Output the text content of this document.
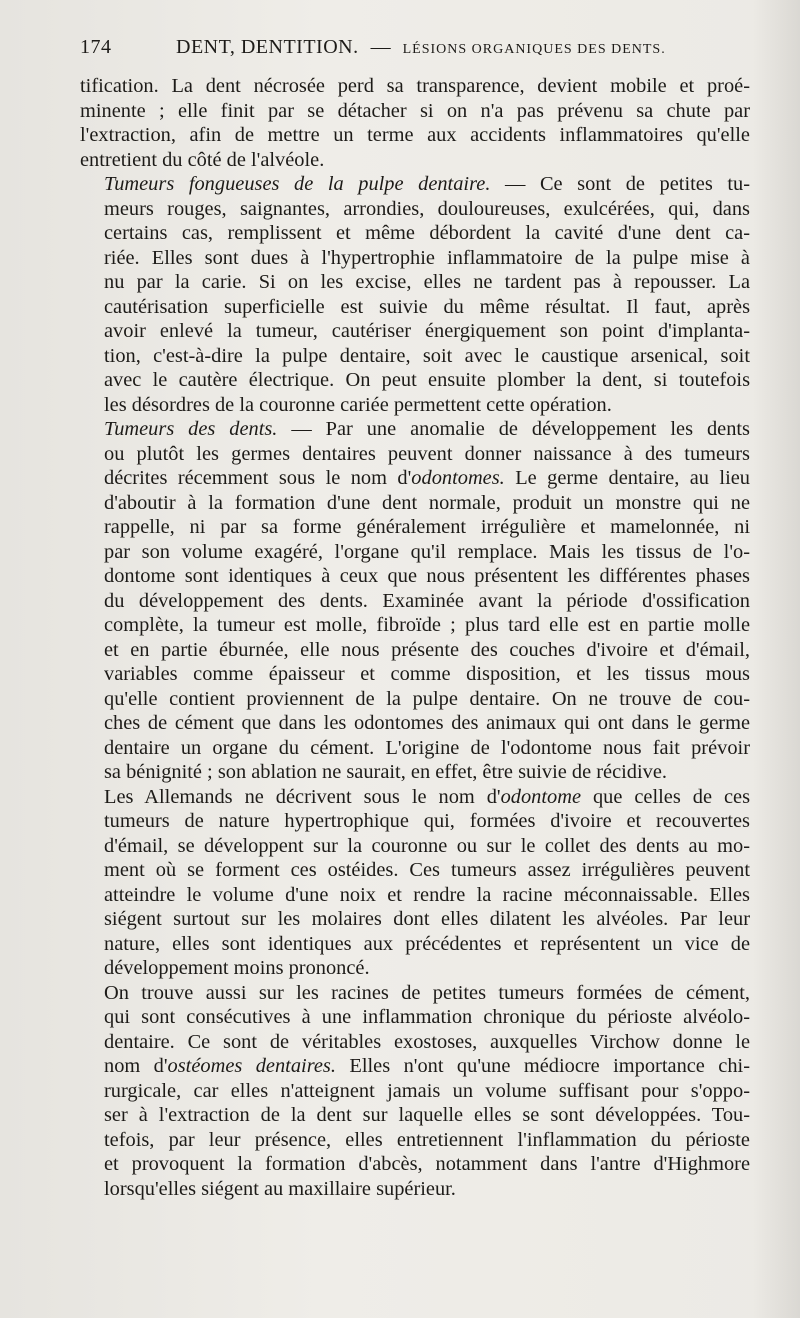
174	DENT, DENTITION. — LÉSIONS ORGANIQUES DES DENTS.
tification. La dent nécrosée perd sa transparence, devient mobile et proé-
minente ; elle finit par se détacher si on n'a pas prévenu sa chute par
l'extraction, afin de mettre un terme aux accidents inflammatoires qu'elle
entretient du côté de l'alvéole.
Tumeurs fongueuses de la pulpe dentaire. — Ce sont de petites tu-
meurs rouges, saignantes, arrondies, douloureuses, exulcérées, qui, dans
certains cas, remplissent et même débordent la cavité d'une dent ca-
riée. Elles sont dues à l'hypertrophie inflammatoire de la pulpe mise à
nu par la carie. Si on les excise, elles ne tardent pas à repousser. La
cautérisation superficielle est suivie du même résultat. Il faut, après
avoir enlevé la tumeur, cautériser énergiquement son point d'implanta-
tion, c'est-à-dire la pulpe dentaire, soit avec le caustique arsenical, soit
avec le cautère électrique. On peut ensuite plomber la dent, si toutefois
les désordres de la couronne cariée permettent cette opération.
Tumeurs des dents. — Par une anomalie de développement les dents
ou plutôt les germes dentaires peuvent donner naissance à des tumeurs
décrites récemment sous le nom d'odontomes. Le germe dentaire, au lieu
d'aboutir à la formation d'une dent normale, produit un monstre qui ne
rappelle, ni par sa forme généralement irrégulière et mamelonnée, ni
par son volume exagéré, l'organe qu'il remplace. Mais les tissus de l'o-
dontome sont identiques à ceux que nous présentent les différentes phases
du développement des dents. Examinée avant la période d'ossification
complète, la tumeur est molle, fibroïde ; plus tard elle est en partie molle
et en partie éburnée, elle nous présente des couches d'ivoire et d'émail,
variables comme épaisseur et comme disposition, et les tissus mous
qu'elle contient proviennent de la pulpe dentaire. On ne trouve de cou-
ches de cément que dans les odontomes des animaux qui ont dans le germe
dentaire un organe du cément. L'origine de l'odontome nous fait prévoir
sa bénignité ; son ablation ne saurait, en effet, être suivie de récidive.
Les Allemands ne décrivent sous le nom d'odontome que celles de ces
tumeurs de nature hypertrophique qui, formées d'ivoire et recouvertes
d'émail, se développent sur la couronne ou sur le collet des dents au mo-
ment où se forment ces ostéides. Ces tumeurs assez irrégulières peuvent
atteindre le volume d'une noix et rendre la racine méconnaissable. Elles
siégent surtout sur les molaires dont elles dilatent les alvéoles. Par leur
nature, elles sont identiques aux précédentes et représentent un vice de
développement moins prononcé.
On trouve aussi sur les racines de petites tumeurs formées de cément,
qui sont consécutives à une inflammation chronique du périoste alvéolo-
dentaire. Ce sont de véritables exostoses, auxquelles Virchow donne le
nom d'ostéomes dentaires. Elles n'ont qu'une médiocre importance chi-
rurgicale, car elles n'atteignent jamais un volume suffisant pour s'oppo-
ser à l'extraction de la dent sur laquelle elles se sont développées. Tou-
tefois, par leur présence, elles entretiennent l'inflammation du périoste
et provoquent la formation d'abcès, notamment dans l'antre d'Highmore
lorsqu'elles siégent au maxillaire supérieur.
